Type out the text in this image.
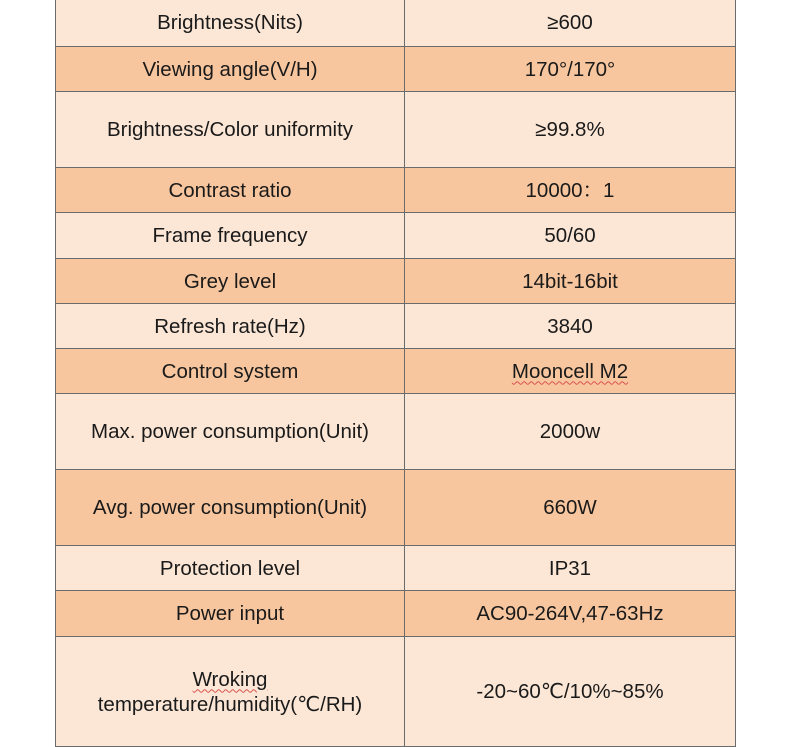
Brightness(Nits)	≥600
Viewing angle(V/H)	170°/170°
Brightness/Color uniformity	≥99.8%
Contrast ratio	10000：1
Frame frequency	50/60
Grey level	14bit-16bit
Refresh rate(Hz)	3840
Control system	Mooncell M2
Max. power consumption(Unit)	2000w
Avg. power consumption(Unit)	660W
Protection level	IP31
Power input	AC90-264V,47-63Hz
Wroking
temperature/humidity(℃/RH)	-20~60℃/10%~85%
